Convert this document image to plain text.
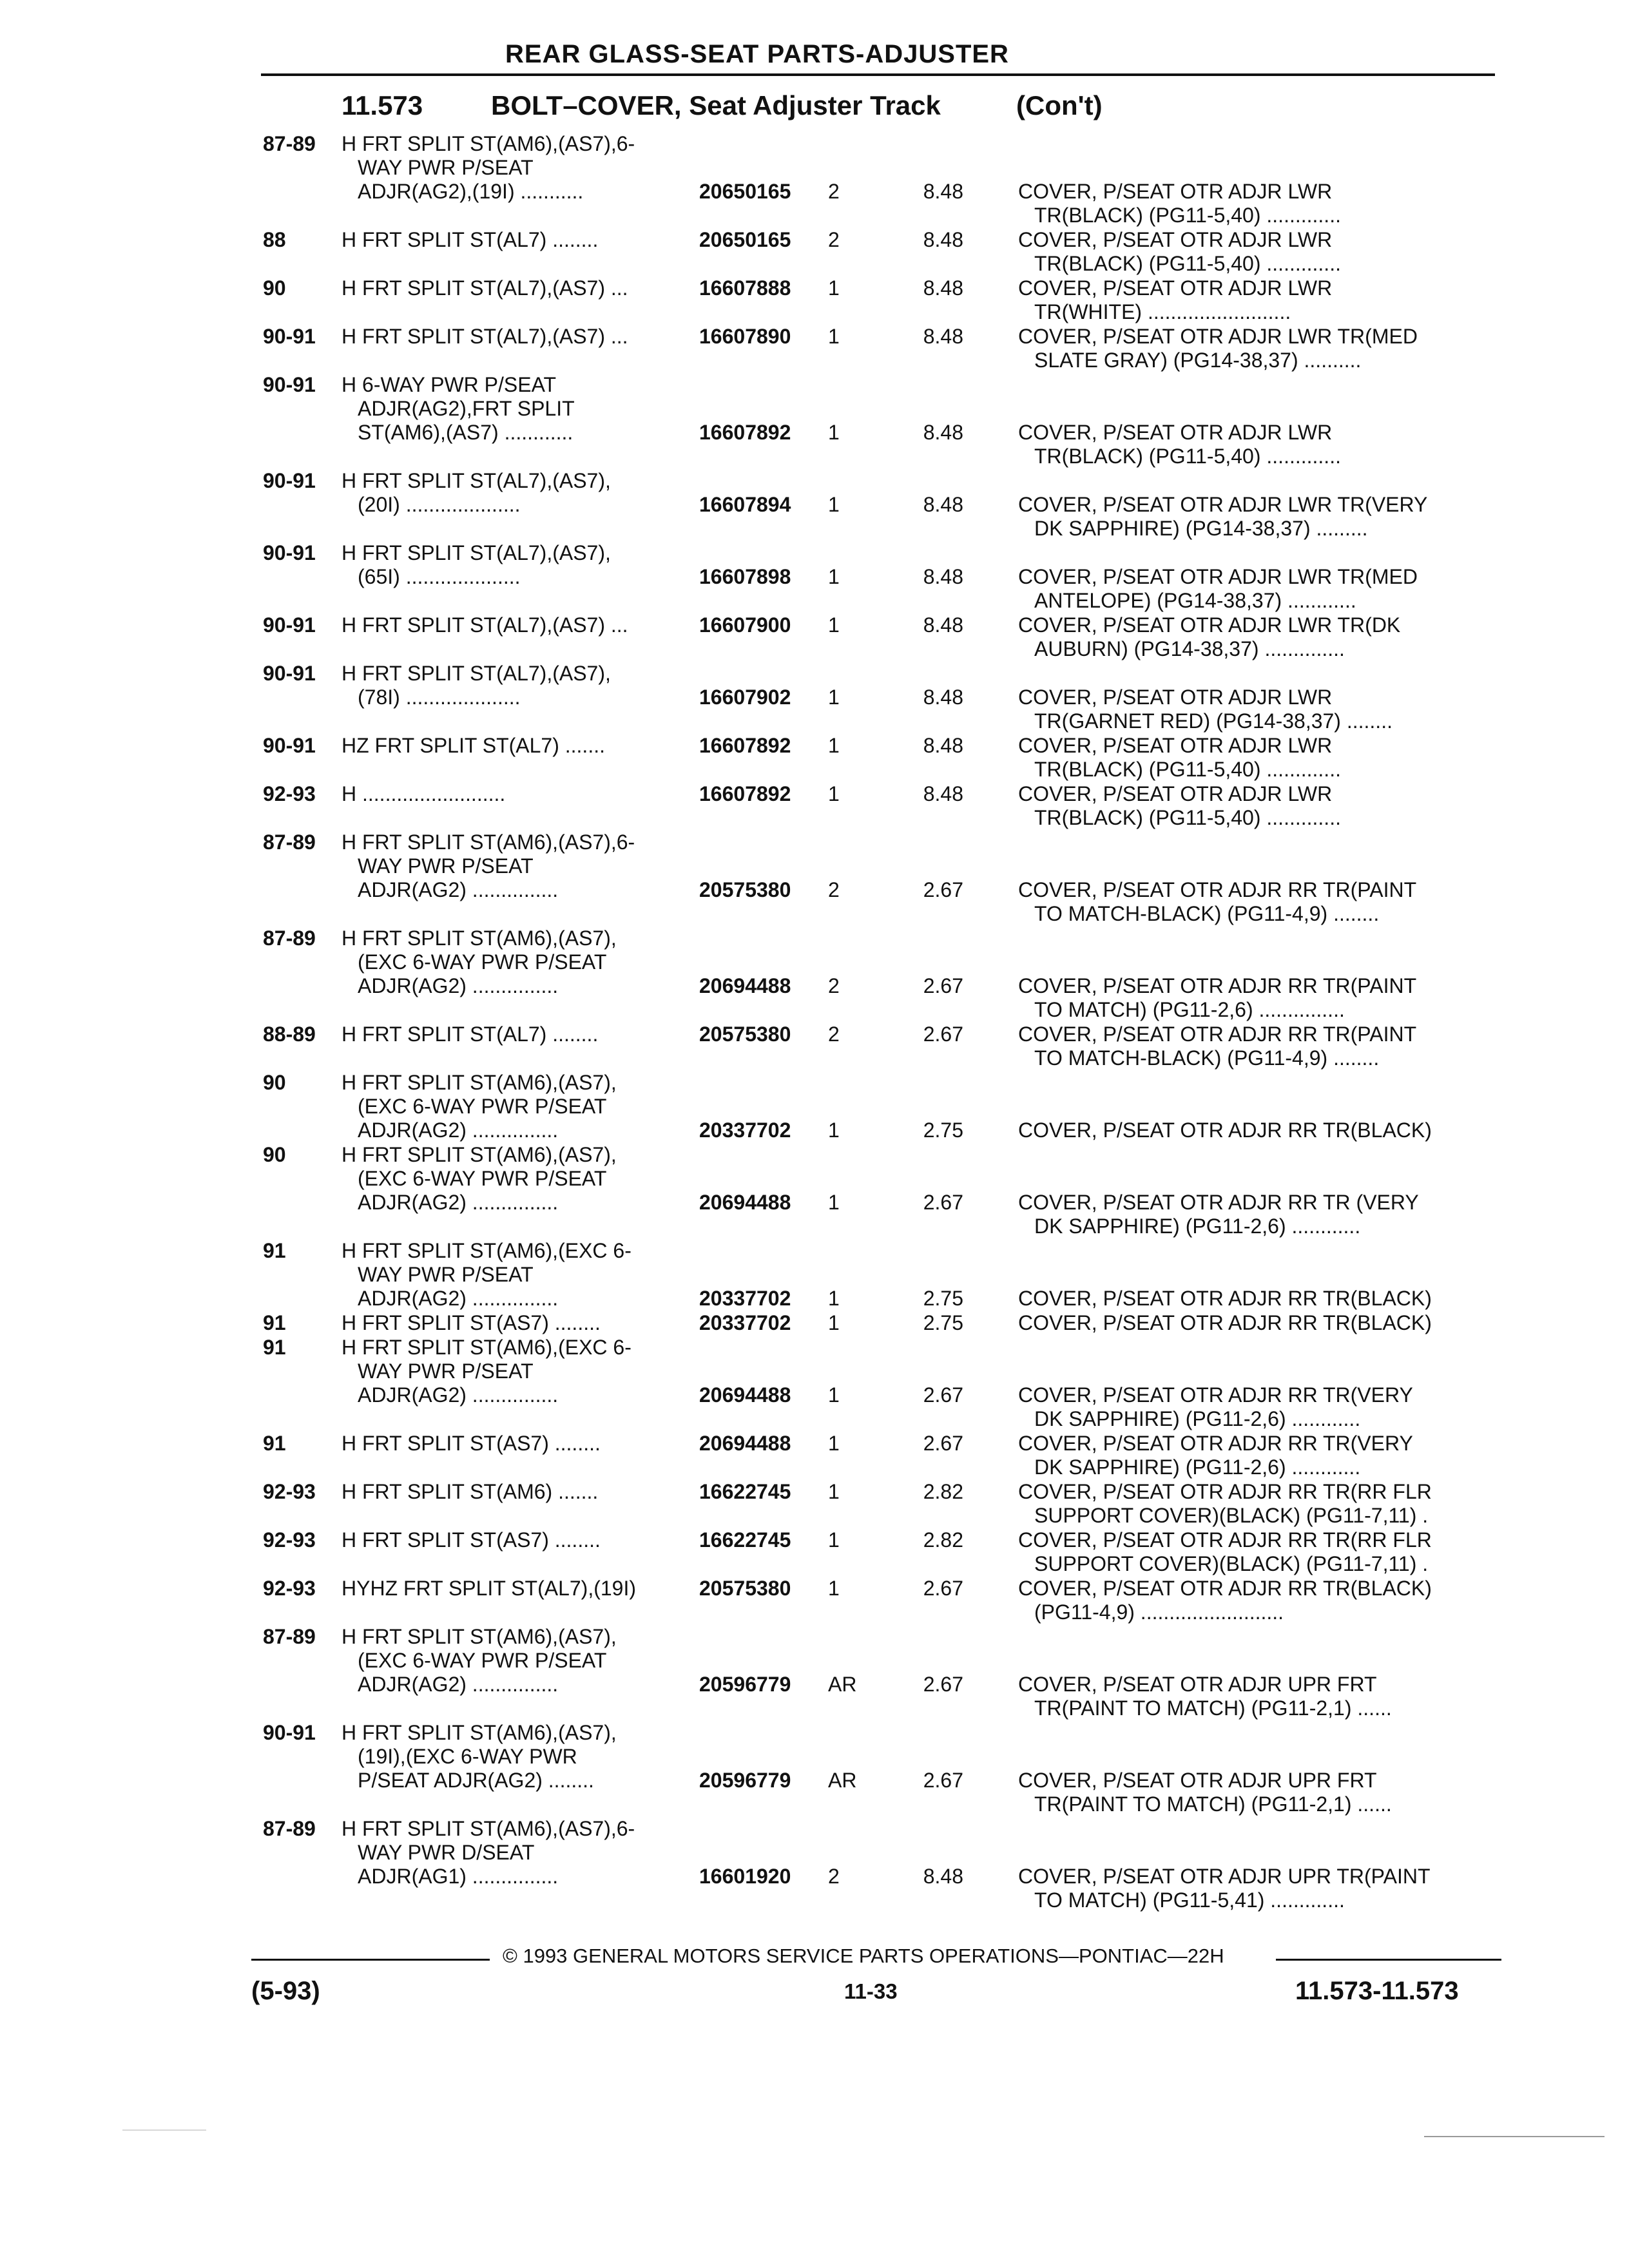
REAR GLASS-SEAT PARTS-ADJUSTER
11.573	BOLT–COVER, Seat Adjuster Track	(Con't)
87-89	H FRT SPLIT ST(AM6),(AS7),6-
WAY PWR P/SEAT
ADJR(AG2),(19I) ...........	20650165	2	8.48	COVER, P/SEAT OTR ADJR LWR
TR(BLACK) (PG11-5,40) .............
88	H FRT SPLIT ST(AL7) ........	20650165	2	8.48	COVER, P/SEAT OTR ADJR LWR
TR(BLACK) (PG11-5,40) .............
90	H FRT SPLIT ST(AL7),(AS7) ...	16607888	1	8.48	COVER, P/SEAT OTR ADJR LWR
TR(WHITE) .........................
90-91	H FRT SPLIT ST(AL7),(AS7) ...	16607890	1	8.48	COVER, P/SEAT OTR ADJR LWR TR(MED
SLATE GRAY) (PG14-38,37) ..........
90-91	H 6-WAY PWR P/SEAT
ADJR(AG2),FRT SPLIT
ST(AM6),(AS7) ............	16607892	1	8.48	COVER, P/SEAT OTR ADJR LWR
TR(BLACK) (PG11-5,40) .............
90-91	H FRT SPLIT ST(AL7),(AS7),
(20I) ....................	16607894	1	8.48	COVER, P/SEAT OTR ADJR LWR TR(VERY
DK SAPPHIRE) (PG14-38,37) .........
90-91	H FRT SPLIT ST(AL7),(AS7),
(65I) ....................	16607898	1	8.48	COVER, P/SEAT OTR ADJR LWR TR(MED
ANTELOPE) (PG14-38,37) ............
90-91	H FRT SPLIT ST(AL7),(AS7) ...	16607900	1	8.48	COVER, P/SEAT OTR ADJR LWR TR(DK
AUBURN) (PG14-38,37) ..............
90-91	H FRT SPLIT ST(AL7),(AS7),
(78I) ....................	16607902	1	8.48	COVER, P/SEAT OTR ADJR LWR
TR(GARNET RED) (PG14-38,37) ........
90-91	HZ FRT SPLIT ST(AL7) .......	16607892	1	8.48	COVER, P/SEAT OTR ADJR LWR
TR(BLACK) (PG11-5,40) .............
92-93	H .........................	16607892	1	8.48	COVER, P/SEAT OTR ADJR LWR
TR(BLACK) (PG11-5,40) .............
87-89	H FRT SPLIT ST(AM6),(AS7),6-
WAY PWR P/SEAT
ADJR(AG2) ...............	20575380	2	2.67	COVER, P/SEAT OTR ADJR RR TR(PAINT
TO MATCH-BLACK) (PG11-4,9) ........
87-89	H FRT SPLIT ST(AM6),(AS7),
(EXC 6-WAY PWR P/SEAT
ADJR(AG2) ...............	20694488	2	2.67	COVER, P/SEAT OTR ADJR RR TR(PAINT
TO MATCH) (PG11-2,6) ...............
88-89	H FRT SPLIT ST(AL7) ........	20575380	2	2.67	COVER, P/SEAT OTR ADJR RR TR(PAINT
TO MATCH-BLACK) (PG11-4,9) ........
90	H FRT SPLIT ST(AM6),(AS7),
(EXC 6-WAY PWR P/SEAT
ADJR(AG2) ...............	20337702	1	2.75	COVER, P/SEAT OTR ADJR RR TR(BLACK)
90	H FRT SPLIT ST(AM6),(AS7),
(EXC 6-WAY PWR P/SEAT
ADJR(AG2) ...............	20694488	1	2.67	COVER, P/SEAT OTR ADJR RR TR (VERY
DK SAPPHIRE) (PG11-2,6) ............
91	H FRT SPLIT ST(AM6),(EXC 6-
WAY PWR P/SEAT
ADJR(AG2) ...............	20337702	1	2.75	COVER, P/SEAT OTR ADJR RR TR(BLACK)
91	H FRT SPLIT ST(AS7) ........	20337702	1	2.75	COVER, P/SEAT OTR ADJR RR TR(BLACK)
91	H FRT SPLIT ST(AM6),(EXC 6-
WAY PWR P/SEAT
ADJR(AG2) ...............	20694488	1	2.67	COVER, P/SEAT OTR ADJR RR TR(VERY
DK SAPPHIRE) (PG11-2,6) ............
91	H FRT SPLIT ST(AS7) ........	20694488	1	2.67	COVER, P/SEAT OTR ADJR RR TR(VERY
DK SAPPHIRE) (PG11-2,6) ............
92-93	H FRT SPLIT ST(AM6) .......	16622745	1	2.82	COVER, P/SEAT OTR ADJR RR TR(RR FLR
SUPPORT COVER)(BLACK) (PG11-7,11) .
92-93	H FRT SPLIT ST(AS7) ........	16622745	1	2.82	COVER, P/SEAT OTR ADJR RR TR(RR FLR
SUPPORT COVER)(BLACK) (PG11-7,11) .
92-93	HYHZ FRT SPLIT ST(AL7),(19I)	20575380	1	2.67	COVER, P/SEAT OTR ADJR RR TR(BLACK)
(PG11-4,9) .........................
87-89	H FRT SPLIT ST(AM6),(AS7),
(EXC 6-WAY PWR P/SEAT
ADJR(AG2) ...............	20596779	AR	2.67	COVER, P/SEAT OTR ADJR UPR FRT
TR(PAINT TO MATCH) (PG11-2,1) ......
90-91	H FRT SPLIT ST(AM6),(AS7),
(19I),(EXC 6-WAY PWR
P/SEAT ADJR(AG2) ........	20596779	AR	2.67	COVER, P/SEAT OTR ADJR UPR FRT
TR(PAINT TO MATCH) (PG11-2,1) ......
87-89	H FRT SPLIT ST(AM6),(AS7),6-
WAY PWR D/SEAT
ADJR(AG1) ...............	16601920	2	8.48	COVER, P/SEAT OTR ADJR UPR TR(PAINT
TO MATCH) (PG11-5,41) .............
© 1993 GENERAL MOTORS SERVICE PARTS OPERATIONS—PONTIAC—22H
(5-93)	11-33	11.573-11.573
